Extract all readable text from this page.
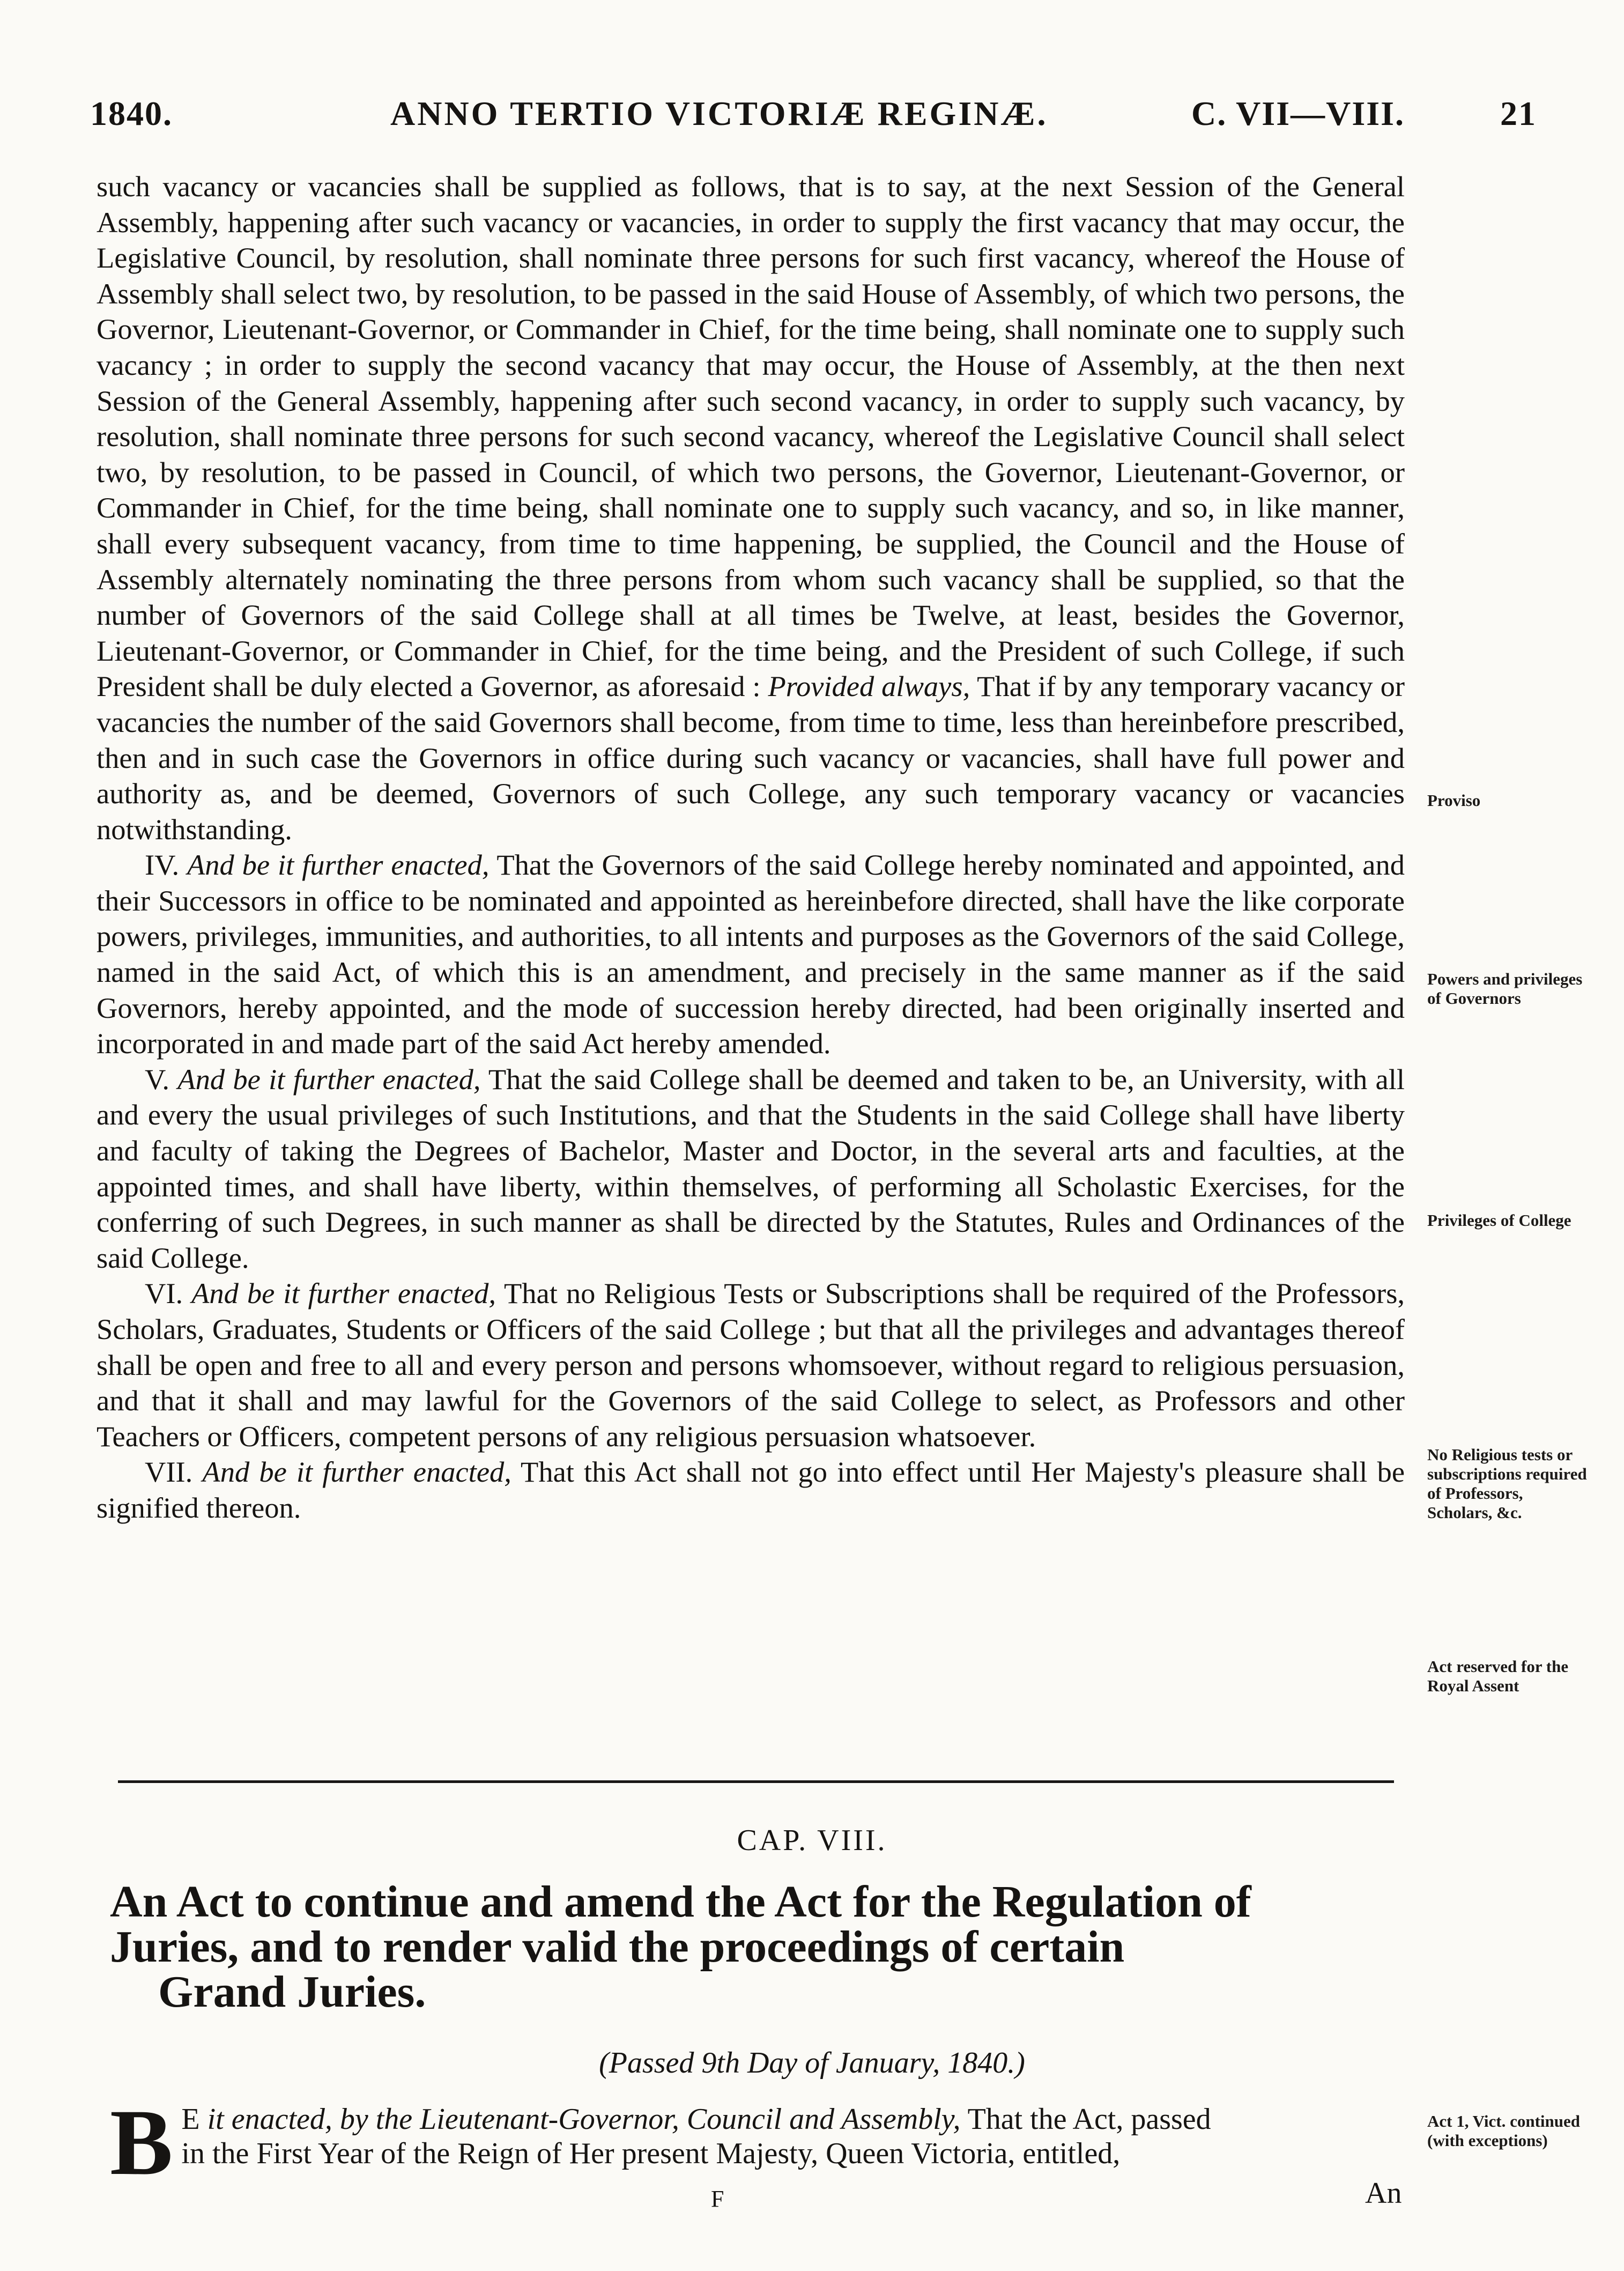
1840.	ANNO TERTIO VICTORIÆ REGINÆ.	C. VII—VIII.	21

such vacancy or vacancies shall be supplied as follows, that is to say, at the next Session of the General Assembly, happening after such vacancy or vacancies, in order to supply the first vacancy that may occur, the Legislative Council, by resolution, shall nominate three persons for such first vacancy, whereof the House of Assembly shall select two, by resolution, to be passed in the said House of Assembly, of which two persons, the Governor, Lieutenant-Governor, or Commander in Chief, for the time being, shall nominate one to supply such vacancy ; in order to supply the second vacancy that may occur, the House of Assembly, at the then next Session of the General Assembly, happening after such second vacancy, in order to supply such vacancy, by resolution, shall nominate three persons for such second vacancy, whereof the Legislative Council shall select two, by resolution, to be passed in Council, of which two persons, the Governor, Lieutenant-Governor, or Commander in Chief, for the time being, shall nominate one to supply such vacancy, and so, in like manner, shall every subsequent vacancy, from time to time happening, be supplied, the Council and the House of Assembly alternately nominating the three persons from whom such vacancy shall be supplied, so that the number of Governors of the said College shall at all times be Twelve, at least, besides the Governor, Lieutenant-Governor, or Commander in Chief, for the time being, and the President of such College, if such President shall be duly elected a Governor, as aforesaid : Provided always, That if by any temporary vacancy or vacancies the number of the said Governors shall become, from time to time, less than hereinbefore prescribed, then and in such case the Governors in office during such vacancy or vacancies, shall have full power and authority as, and be deemed, Governors of such College, any such temporary vacancy or vacancies notwithstanding.

IV. And be it further enacted, That the Governors of the said College hereby nominated and appointed, and their Successors in office to be nominated and appointed as hereinbefore directed, shall have the like corporate powers, privileges, immunities, and authorities, to all intents and purposes as the Governors of the said College, named in the said Act, of which this is an amendment, and precisely in the same manner as if the said Governors, hereby appointed, and the mode of succession hereby directed, had been originally inserted and incorporated in and made part of the said Act hereby amended.

V. And be it further enacted, That the said College shall be deemed and taken to be, an University, with all and every the usual privileges of such Institutions, and that the Students in the said College shall have liberty and faculty of taking the Degrees of Bachelor, Master and Doctor, in the several arts and faculties, at the appointed times, and shall have liberty, within themselves, of performing all Scholastic Exercises, for the conferring of such Degrees, in such manner as shall be directed by the Statutes, Rules and Ordinances of the said College.

VI. And be it further enacted, That no Religious Tests or Subscriptions shall be required of the Professors, Scholars, Graduates, Students or Officers of the said College ; but that all the privileges and advantages thereof shall be open and free to all and every person and persons whomsoever, without regard to religious persuasion, and that it shall and may lawful for the Governors of the said College to select, as Professors and other Teachers or Officers, competent persons of any religious persuasion whatsoever.

VII. And be it further enacted, That this Act shall not go into effect until Her Majesty's pleasure shall be signified thereon.

Proviso
Powers and privileges of Governors
Privileges of College
No Religious tests or subscriptions required of Professors, Scholars, &c.
Act reserved for the Royal Assent
CAP. VIII.
An Act to continue and amend the Act for the Regulation of
Juries, and to render valid the proceedings of certain
Grand Juries.
(Passed 9th Day of January, 1840.)
B E it enacted, by the Lieutenant-Governor, Council and Assembly, That the Act, passed
in the First Year of the Reign of Her present Majesty, Queen Victoria, entitled,
Act 1, Vict. continued (with exceptions)
F	An
